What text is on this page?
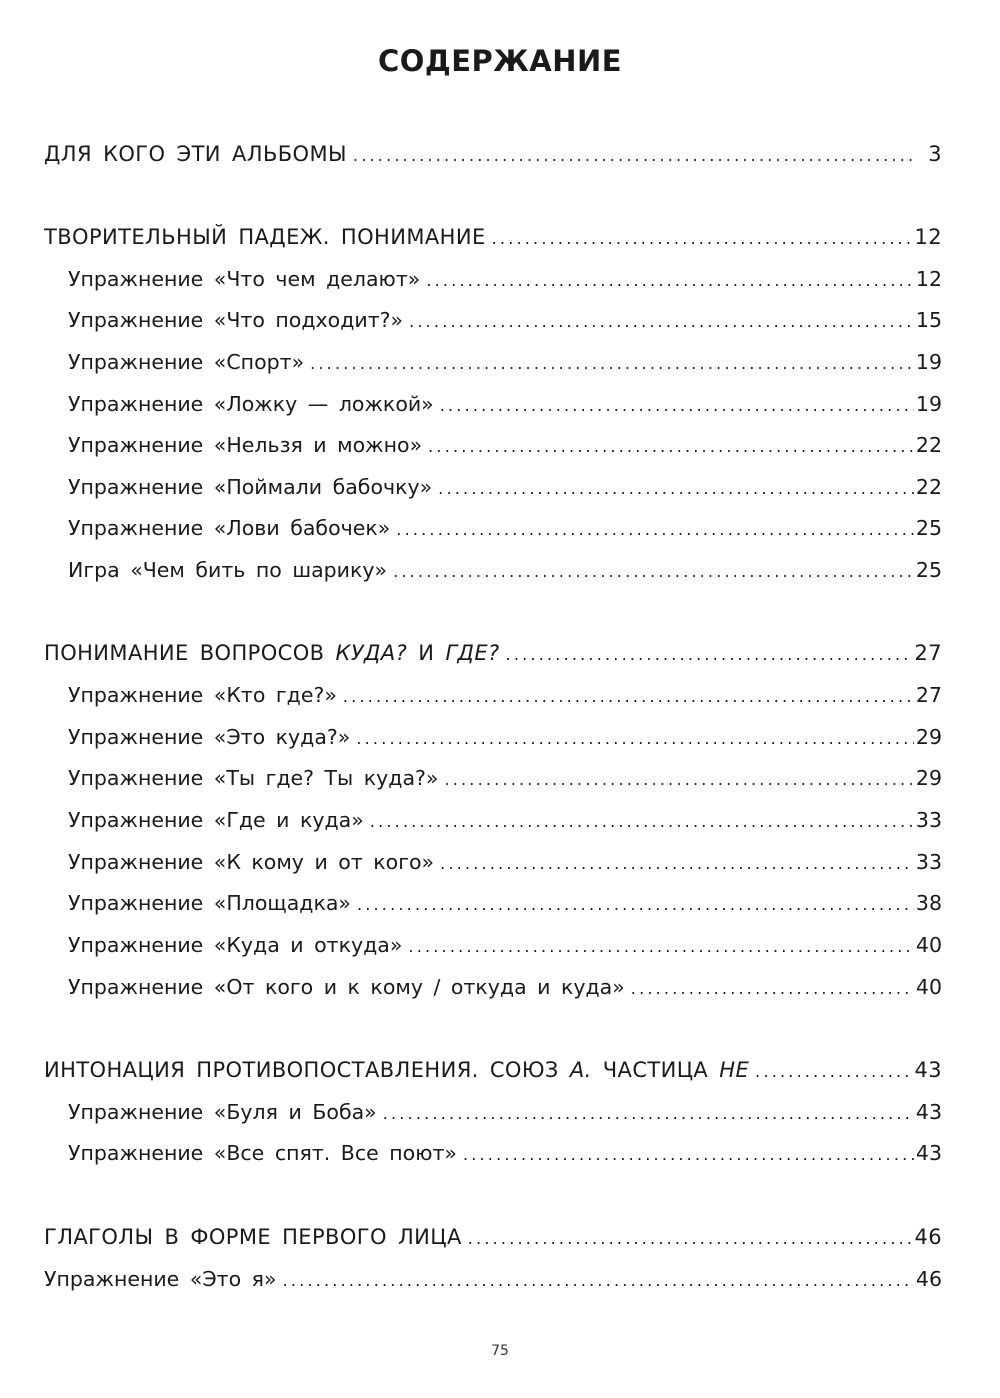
СОДЕРЖАНИЕ
ДЛЯ КОГО ЭТИ АЛЬБОМЫ .....	3
ТВОРИТЕЛЬНЫЙ ПАДЕЖ. ПОНИМАНИЕ .....	12
Упражнение «Что чем делают» .....	12
Упражнение «Что подходит?» .....	15
Упражнение «Спорт» .....	19
Упражнение «Ложку — ложкой» .....	19
Упражнение «Нельзя и можно» .....	22
Упражнение «Поймали бабочку» .....	22
Упражнение «Лови бабочек» .....	25
Игра «Чем бить по шарику» .....	25
ПОНИМАНИЕ ВОПРОСОВ КУДА? И ГДЕ? .....	27
Упражнение «Кто где?» .....	27
Упражнение «Это куда?» .....	29
Упражнение «Ты где? Ты куда?» .....	29
Упражнение «Где и куда» .....	33
Упражнение «К кому и от кого» .....	33
Упражнение «Площадка» .....	38
Упражнение «Куда и откуда» .....	40
Упражнение «От кого и к кому / откуда и куда» .....	40
ИНТОНАЦИЯ ПРОТИВОПОСТАВЛЕНИЯ. СОЮЗ А. ЧАСТИЦА НЕ .....	43
Упражнение «Буля и Боба» .....	43
Упражнение «Все спят. Все поют» .....	43
ГЛАГОЛЫ В ФОРМЕ ПЕРВОГО ЛИЦА .....	46
Упражнение «Это я» .....	46
75
